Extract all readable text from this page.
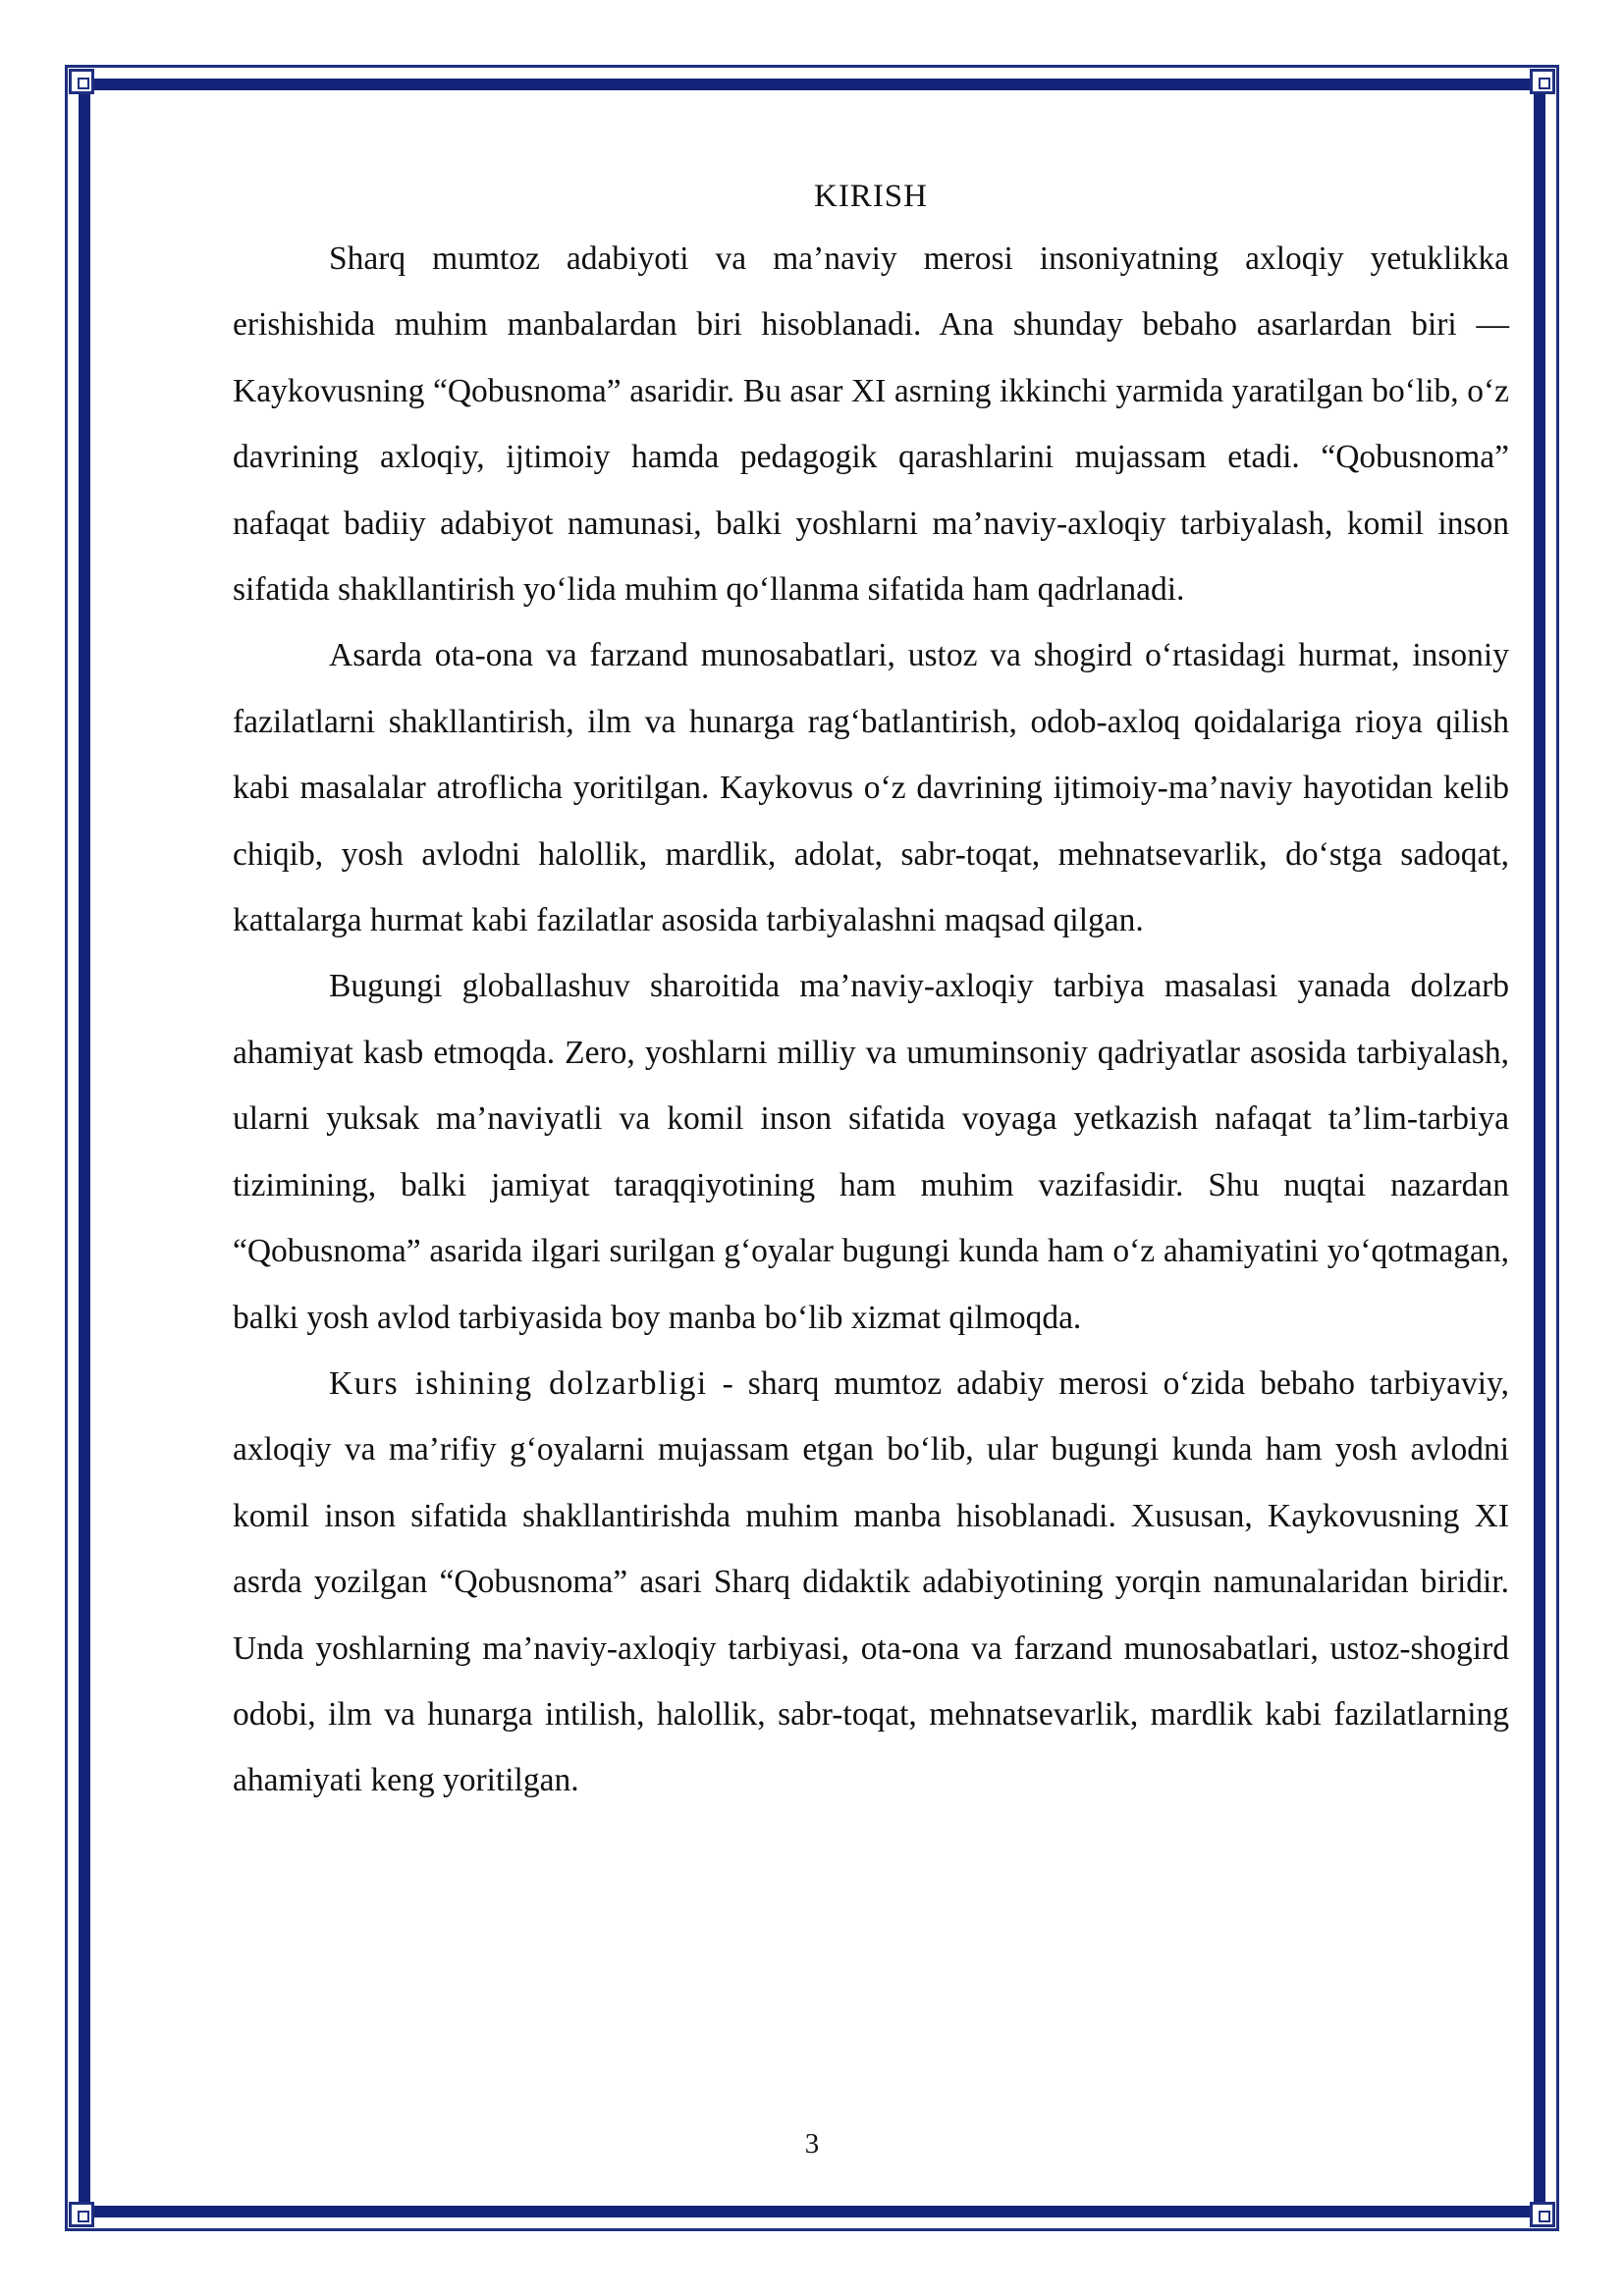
KIRISH

Sharq mumtoz adabiyoti va ma’naviy merosi insoniyatning axloqiy yetuklikka erishishida muhim manbalardan biri hisoblanadi. Ana shunday bebaho asarlardan biri — Kaykovusning “Qobusnoma” asaridir. Bu asar XI asrning ikkinchi yarmida yaratilgan bo‘lib, o‘z davrining axloqiy, ijtimoiy hamda pedagogik qarashlarini mujassam etadi. “Qobusnoma” nafaqat badiiy adabiyot namunasi, balki yoshlarni ma’naviy-axloqiy tarbiyalash, komil inson sifatida shakllantirish yo‘lida muhim qo‘llanma sifatida ham qadrlanadi.

Asarda ota-ona va farzand munosabatlari, ustoz va shogird o‘rtasidagi hurmat, insoniy fazilatlarni shakllantirish, ilm va hunarga rag‘batlantirish, odob-axloq qoidalariga rioya qilish kabi masalalar atroflicha yoritilgan. Kaykovus o‘z davrining ijtimoiy-ma’naviy hayotidan kelib chiqib, yosh avlodni halollik, mardlik, adolat, sabr-toqat, mehnatsevarlik, do‘stga sadoqat, kattalarga hurmat kabi fazilatlar asosida tarbiyalashni maqsad qilgan.

Bugungi globallashuv sharoitida ma’naviy-axloqiy tarbiya masalasi yanada dolzarb ahamiyat kasb etmoqda. Zero, yoshlarni milliy va umuminsoniy qadriyatlar asosida tarbiyalash, ularni yuksak ma’naviyatli va komil inson sifatida voyaga yetkazish nafaqat ta’lim-tarbiya tizimining, balki jamiyat taraqqiyotining ham muhim vazifasidir. Shu nuqtai nazardan “Qobusnoma” asarida ilgari surilgan g‘oyalar bugungi kunda ham o‘z ahamiyatini yo‘qotmagan, balki yosh avlod tarbiyasida boy manba bo‘lib xizmat qilmoqda.

Kurs ishining dolzarbligi - sharq mumtoz adabiy merosi o‘zida bebaho tarbiyaviy, axloqiy va ma’rifiy g‘oyalarni mujassam etgan bo‘lib, ular bugungi kunda ham yosh avlodni komil inson sifatida shakllantirishda muhim manba hisoblanadi. Xususan, Kaykovusning XI asrda yozilgan “Qobusnoma” asari Sharq didaktik adabiyotining yorqin namunalaridan biridir. Unda yoshlarning ma’naviy-axloqiy tarbiyasi, ota-ona va farzand munosabatlari, ustoz-shogird odobi, ilm va hunarga intilish, halollik, sabr-toqat, mehnatsevarlik, mardlik kabi fazilatlarning ahamiyati keng yoritilgan.

3
